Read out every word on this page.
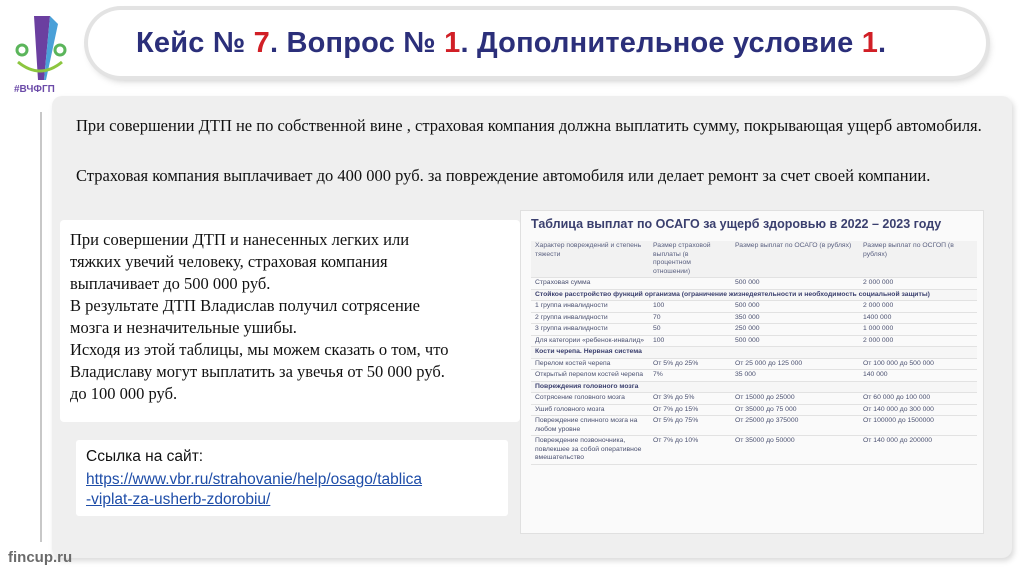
#ВЧФГП
Кейс № 7. Вопрос № 1. Дополнительное условие 1.

При совершении ДТП не по собственной вине , страховая компания должна выплатить сумму, покрывающая ущерб автомобиля.

Страховая компания выплачивает до 400 000 руб. за повреждение автомобиля или делает ремонт за счет своей компании.

При совершении ДТП и нанесенных легких или
тяжких увечий человеку, страховая компания
выплачивает до 500 000 руб.
В результате ДТП Владислав получил сотрясение
мозга и незначительные ушибы.
Исходя из этой таблицы, мы можем сказать о том, что
Владиславу могут выплатить за увечья от 50 000 руб.
до 100 000 руб.
Ссылка на сайт:
https://www.vbr.ru/strahovanie/help/osago/tablica
-viplat-za-usherb-zdorobiu/
Таблица выплат по ОСАГО за ущерб здоровью в 2022 – 2023 году
Характер повреждений и степень тяжести	Размер страховой выплаты (в процентном отношении)	Размер выплат по ОСАГО (в рублях)	Размер выплат по ОСГОП (в рублях)
Страховая сумма		500 000	2 000 000
Стойкое расстройство функций организма (ограничение жизнедеятельности и необходимость социальной защиты)			
1 группа инвалидности	100	500 000	2 000 000
2 группа инвалидности	70	350 000	1400 000
3 группа инвалидности	50	250 000	1 000 000
Для категории «ребенок-инвалид»	100	500 000	2 000 000
Кости черепа. Нервная система			
Перелом костей черепа	От 5% до 25%	От 25 000 до 125 000	От 100 000 до 500 000
Открытый перелом костей черепа	7%	35 000	140 000
Повреждения головного мозга			
Сотрясение головного мозга	От 3% до 5%	От 15000 до 25000	От 60 000 до 100 000
Ушиб головного мозга	От 7% до 15%	От 35000 до 75 000	От 140 000 до 300 000
Повреждение спинного мозга на любом уровне	От 5% до 75%	От 25000 до 375000	От 100000 до 1500000
Повреждение позвоночника, повлекшее за собой оперативное вмешательство	От 7% до 10%	От 35000 до 50000	От 140 000 до 200000
fincup.ru
